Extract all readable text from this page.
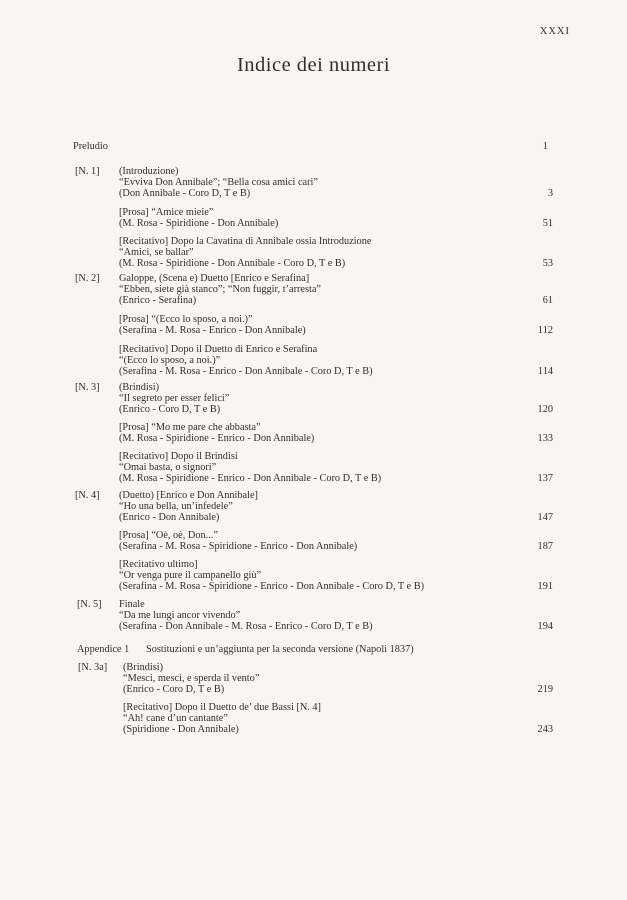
XXXI
Indice dei numeri
Preludio	1
[N. 1] (Introduzione)
“Evviva Don Annibale”; “Bella cosa amici cari”
(Don Annibale - Coro D, T e B)	3
[Prosa] “Amice mieie”
(M. Rosa - Spiridione - Don Annibale)	51
[Recitativo] Dopo la Cavatina di Annibale ossia Introduzione
“Amici, se ballar”
(M. Rosa - Spiridione - Don Annibale - Coro D, T e B)	53
[N. 2] Galoppe, (Scena e) Duetto [Enrico e Serafina]
“Ebben, siete già stanco”; “Non fuggir, t’arresta”
(Enrico - Serafina)	61
[Prosa] “(Ecco lo sposo, a noi.)”
(Serafina - M. Rosa - Enrico - Don Annibale)	112
[Recitativo] Dopo il Duetto di Enrico e Serafina
“(Ecco lo sposo, a noi.)”
(Serafina - M. Rosa - Enrico - Don Annibale - Coro D, T e B)	114
[N. 3] (Brindisi)
“Il segreto per esser felici”
(Enrico - Coro D, T e B)	120
[Prosa] “Mo me pare che abbasta”
(M. Rosa - Spiridione - Enrico - Don Annibale)	133
[Recitativo] Dopo il Brindisi
“Omai basta, o signori”
(M. Rosa - Spiridione - Enrico - Don Annibale - Coro D, T e B)	137
[N. 4] (Duetto) [Enrico e Don Annibale]
“Ho una bella, un’infedele”
(Enrico - Don Annibale)	147
[Prosa] “Oè, oè, Don...”
(Serafina - M. Rosa - Spiridione - Enrico - Don Annibale)	187
[Recitativo ultimo]
“Or venga pure il campanello giù”
(Serafina - M. Rosa - Spiridione - Enrico - Don Annibale - Coro D, T e B)	191
[N. 5] Finale
“Da me lungi ancor vivendo”
(Serafina - Don Annibale - M. Rosa - Enrico - Coro D, T e B)	194
Appendice 1 Sostituzioni e un’aggiunta per la seconda versione (Napoli 1837)
[N. 3a] (Brindisi)
“Mesci, mesci, e sperda il vento”
(Enrico - Coro D, T e B)	219
[Recitativo] Dopo il Duetto de’ due Bassi [N. 4]
“Ah! cane d’un cantante”
(Spiridione - Don Annibale)	243
